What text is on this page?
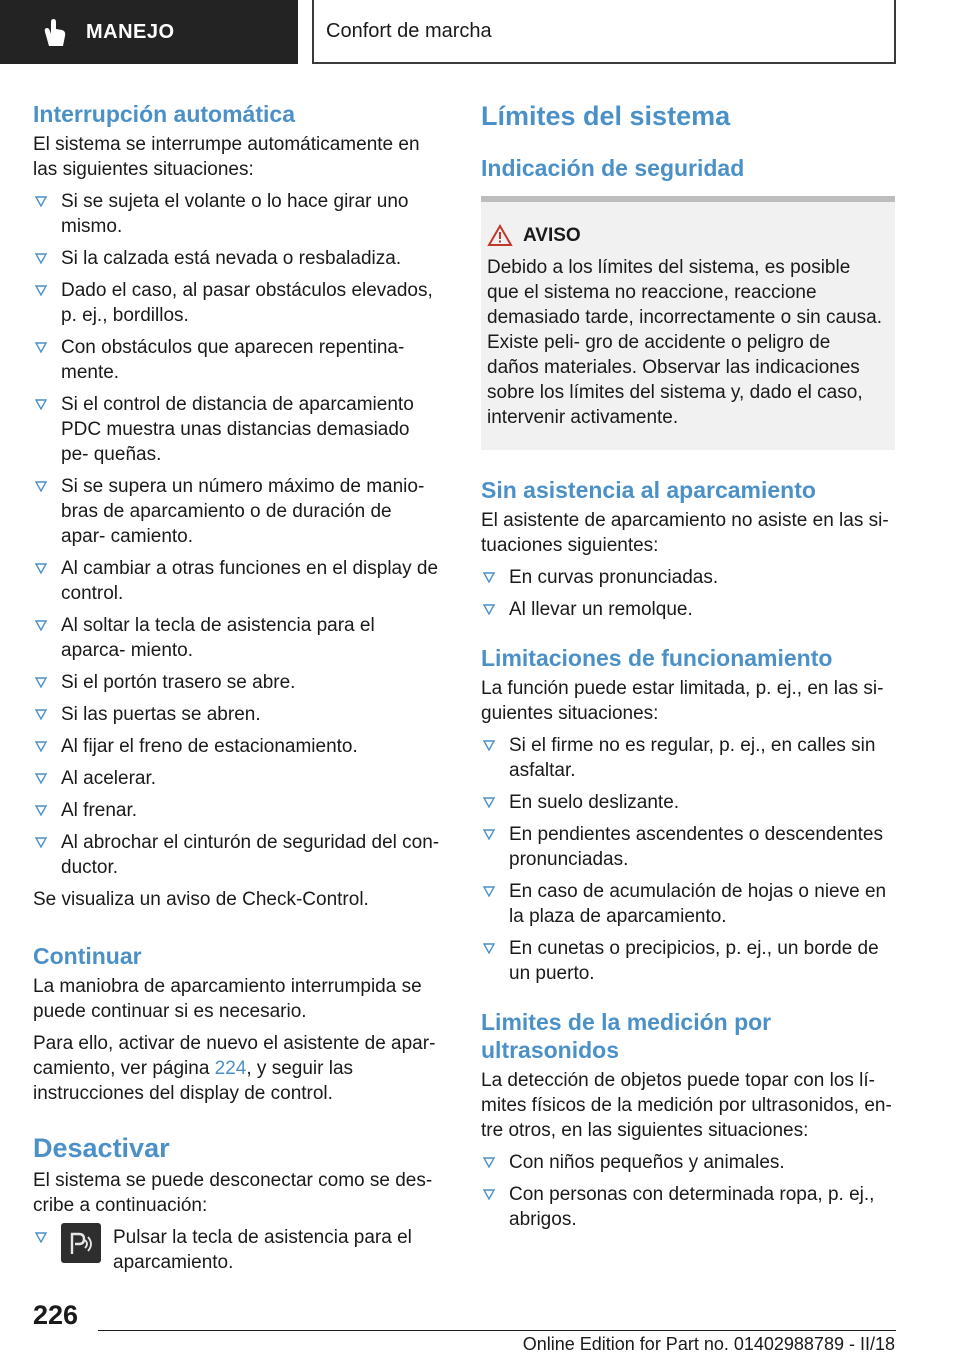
MANEJO	Confort de marcha
Interrupción automática

El sistema se interrumpe automáticamente en las siguientes situaciones:

Si se sujeta el volante o lo hace girar uno mismo.
Si la calzada está nevada o resbaladiza.
Dado el caso, al pasar obstáculos elevados, p. ej., bordillos.
Con obstáculos que aparecen repentina‐ mente.
Si el control de distancia de aparcamiento PDC muestra unas distancias demasiado pe‐ queñas.
Si se supera un número máximo de manio‐ bras de aparcamiento o de duración de apar‐ camiento.
Al cambiar a otras funciones en el display de control.
Al soltar la tecla de asistencia para el aparca‐ miento.
Si el portón trasero se abre.
Si las puertas se abren.
Al fijar el freno de estacionamiento.
Al acelerar.
Al frenar.
Al abrochar el cinturón de seguridad del con‐ ductor.

Se visualiza un aviso de Check-Control.

Continuar

La maniobra de aparcamiento interrumpida se puede continuar si es necesario.

Para ello, activar de nuevo el asistente de apar‐ camiento, ver página 224, y seguir las instrucciones del display de control.

Desactivar

El sistema se puede desconectar como se des‐ cribe a continuación:

Pulsar la tecla de asistencia para el aparcamiento.
Límites del sistema
Indicación de seguridad
AVISO

Debido a los límites del sistema, es posible que el sistema no reaccione, reaccione demasiado tarde, incorrectamente o sin causa. Existe peli‐ gro de accidente o peligro de daños materiales. Observar las indicaciones sobre los límites del sistema y, dado el caso, intervenir activamente.

Sin asistencia al aparcamiento

El asistente de aparcamiento no asiste en las si‐ tuaciones siguientes:

En curvas pronunciadas.
Al llevar un remolque.
Limitaciones de funcionamiento

La función puede estar limitada, p. ej., en las si‐ guientes situaciones:

Si el firme no es regular, p. ej., en calles sin asfaltar.
En suelo deslizante.
En pendientes ascendentes o descendentes pronunciadas.
En caso de acumulación de hojas o nieve en la plaza de aparcamiento.
En cunetas o precipicios, p. ej., un borde de un puerto.
Limites de la medición por ultrasonidos

La detección de objetos puede topar con los lí‐ mites físicos de la medición por ultrasonidos, en‐ tre otros, en las siguientes situaciones:

Con niños pequeños y animales.
Con personas con determinada ropa, p. ej., abrigos.
226
Online Edition for Part no. 01402988789 - II/18
